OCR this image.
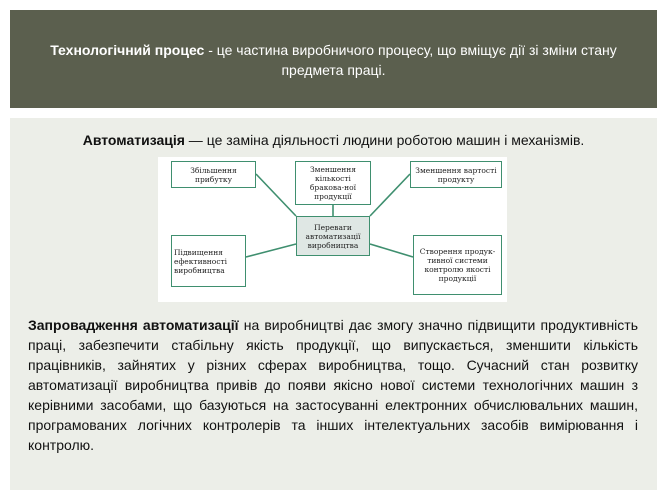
Технологічний процес - це частина виробничого процесу, що вміщує дії зі зміни стану предмета праці.
Автоматизація — це заміна діяльності людини роботою машин і механізмів.
Збільшення прибутку
Зменшення кількості бракова-ної продукції
Зменшення вартості продукту
Переваги автоматизації виробництва
Підвищення ефективності виробництва
Створення продук-тивної системи контролю якості продукції
Запровадження автоматизації на виробництві дає змогу значно підвищити продуктивність праці, забезпечити стабільну якість продукції, що випускається, зменшити кількість працівників, зайнятих у різних сферах виробництва, тощо. Сучасний стан розвитку автоматизації виробництва привів до появи якісно нової системи технологічних машин з керівними засобами, що базуються на застосуванні електронних обчислювальних машин, програмованих логічних контролерів та інших інтелектуальних засобів вимірювання і контролю.
